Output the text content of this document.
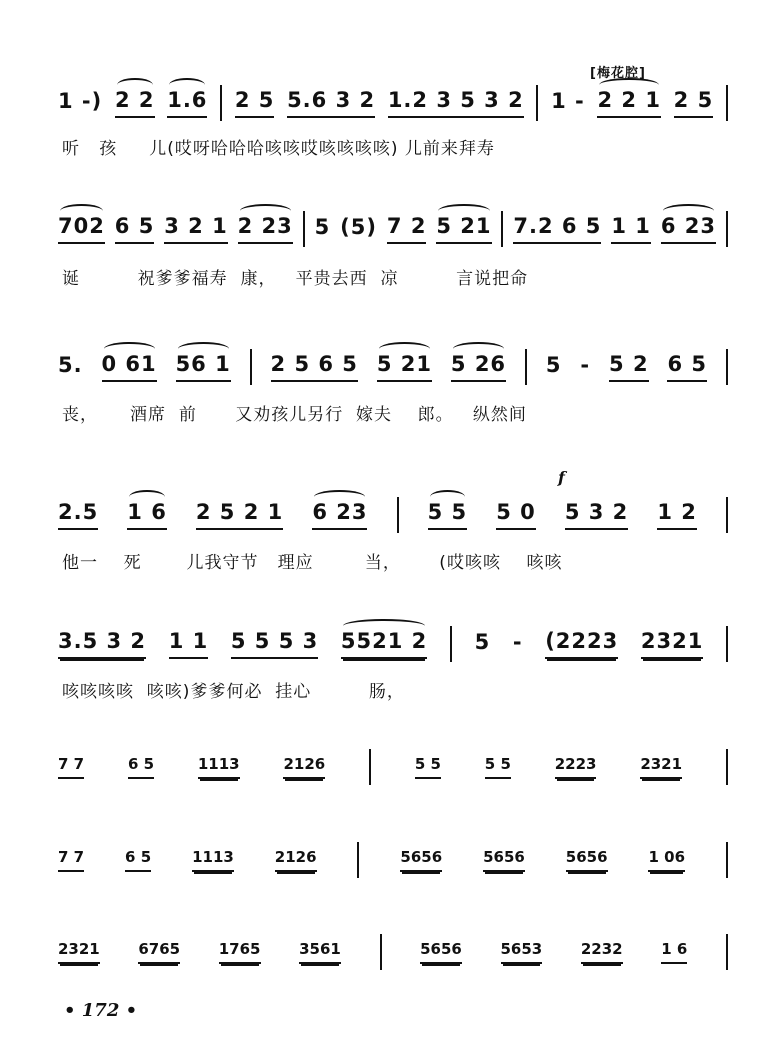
[梅花腔]
f
1 -) 2 2 1.6 2 5 5.6 3 2 1.2 3 5 3 2 1 - 2 2 1 2 5
听   孩     儿(哎呀哈哈哈咳咳哎咳咳咳咳) 儿前来拜寿
702 6 5 3 2 1 2 23 5 (5) 7 2 5 21 7.2 6 5 1 1 6 23
诞         祝爹爹福寿  康，   平贵去西  凉         言说把命
5. 0 61 56 1 2 5 6 5 5 21 5 26 5 - 5 2 6 5
丧，     酒席  前      又劝孩儿另行  嫁夫    郎。   纵然间
2.5 1 6 2 5 2 1 6 23	5 5 5 0 5 3 2 1 2
他一    死       儿我守节   理应        当，      (哎咳咳    咳咳
3.5 3 2 1 1 5 5 5 3 5521 2 5 - (2223 2321
咳咳咳咳  咳咳)爹爹何必  挂心         肠，
7 7	6 5	1113	2126	5 5	5 5	2223	2321
7 7	6 5	1113	2126	5656	5656	5656	1 06
2321	6765	1765	3561	5656	5653	2232	1 6
• 172 •
